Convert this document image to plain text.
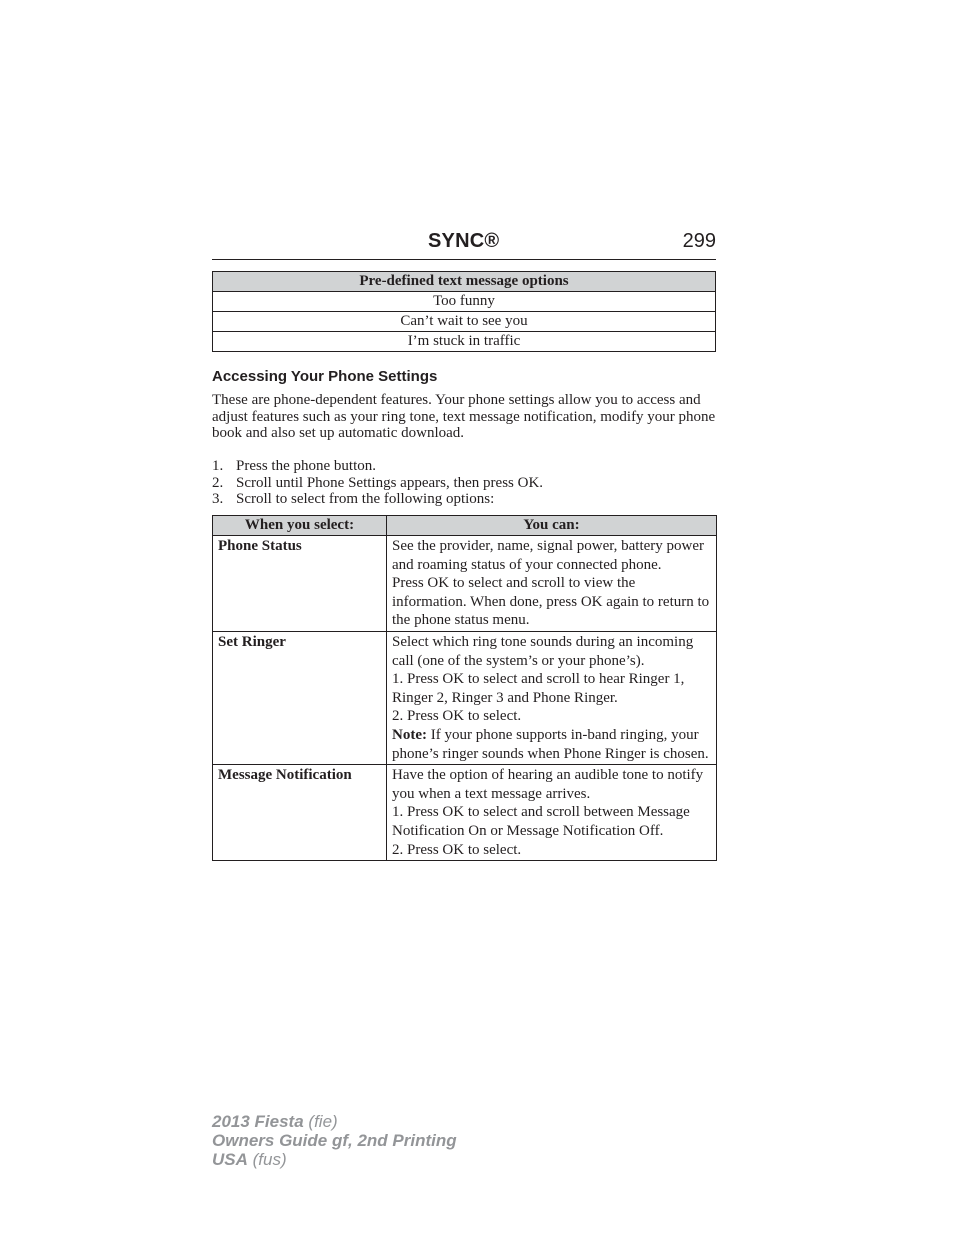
SYNC®	299
Pre-defined text message options
Too funny
Can’t wait to see you
I’m stuck in traffic
Accessing Your Phone Settings

These are phone-dependent features. Your phone settings allow you to access and adjust features such as your ring tone, text message notification, modify your phone book and also set up automatic download.

1. Press the phone button.
2. Scroll until Phone Settings appears, then press OK.
3. Scroll to select from the following options:
When you select:	You can:
Phone Status	See the provider, name, signal power, battery power and roaming status of your connected phone.
Press OK to select and scroll to view the information. When done, press OK again to return to the phone status menu.

Set Ringer	Select which ring tone sounds during an incoming call (one of the system’s or your phone’s).
1. Press OK to select and scroll to hear Ringer 1, Ringer 2, Ringer 3 and Phone Ringer.
2. Press OK to select.
Note: If your phone supports in-band ringing, your phone’s ringer sounds when Phone Ringer is chosen.

Message Notification	Have the option of hearing an audible tone to notify you when a text message arrives.
1. Press OK to select and scroll between Message Notification On or Message Notification Off.
2. Press OK to select.
2013 Fiesta (fie)
Owners Guide gf, 2nd Printing
USA (fus)
